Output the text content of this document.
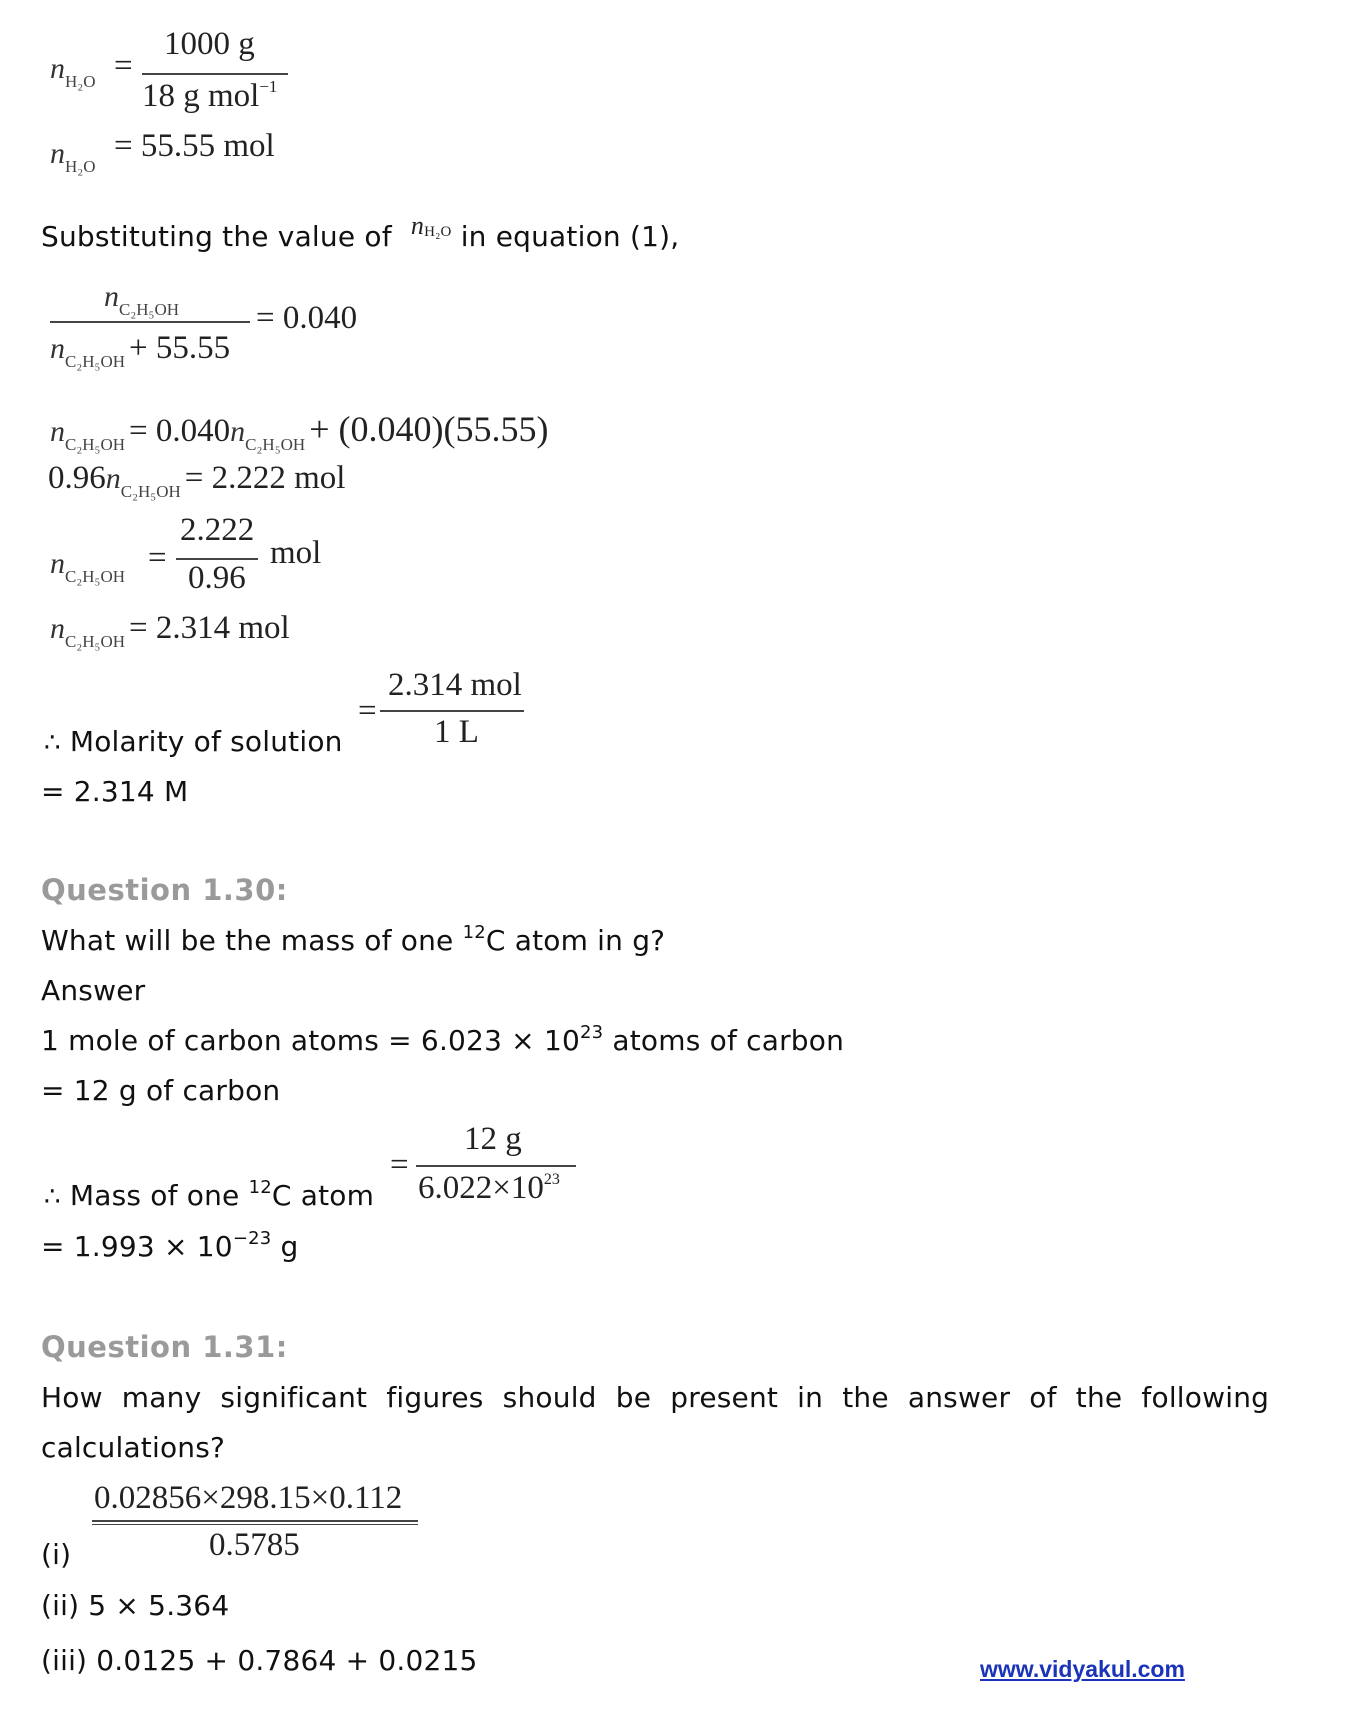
nH₂O =
1000 g
18 g mol$^{-1}$
nH₂O
= 55.55 mol
Substituting the value of $n^{H_2O}$ in equation (1),
nC₂H₅OH
nC₂H₅OH + 55.55
= 0.040
nC₂H₅OH = 0.040nC₂H₅OH + (0.040)(55.55)
0.96nC₂H₅OH = 2.222 mol
nC₂H₅OH
=
2.222
0.96
mol
nC₂H₅OH = 2.314 mol
∴ Molarity of solution
=
2.314 mol
1 L
= 2.314 M
Question 1.30:
What will be the mass of one $^{12}$C atom in g?
Answer
1 mole of carbon atoms = $6.023 \times 10^{23}$ atoms of carbon
= 12 g of carbon
∴ Mass of one $^{12}$C atom
=
12 g
$6.022\times 10^{23}$
= $1.993 \times 10^{-23}$ g
Question 1.31:
How many significant figures should be present in the answer of the following
calculations?
0.02856×298.15×0.112
0.5785
(i)
(ii) 5 × 5.364
(iii) 0.0125 + 0.7864 + 0.0215	www.vidyakul.com
